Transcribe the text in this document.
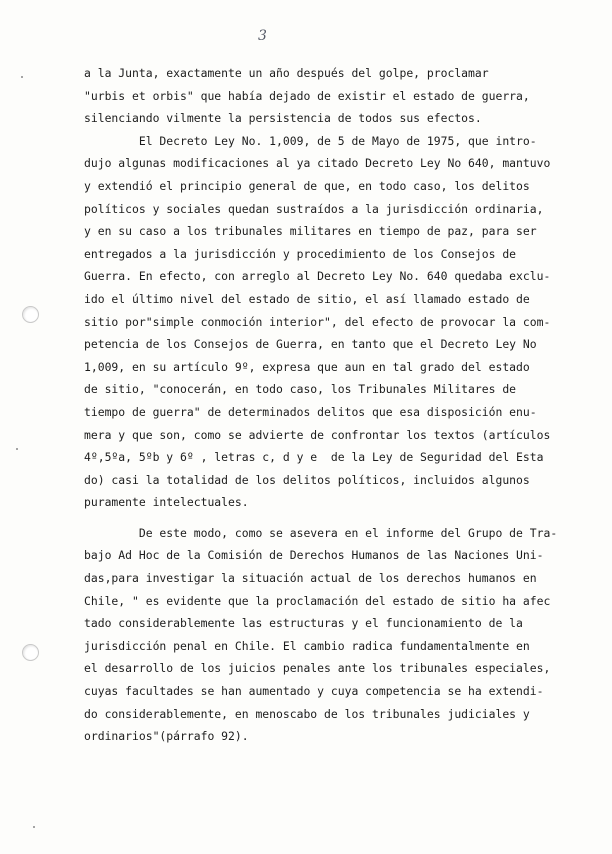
3
a la Junta, exactamente un año después del golpe, proclamar
"urbis et orbis" que había dejado de existir el estado de guerra,
silenciando vilmente la persistencia de todos sus efectos.
El Decreto Ley No. 1,009, de 5 de Mayo de 1975, que intro-
dujo algunas modificaciones al ya citado Decreto Ley No 640, mantuvo
y extendió el principio general de que, en todo caso, los delitos
políticos y sociales quedan sustraídos a la jurisdicción ordinaria,
y en su caso a los tribunales militares en tiempo de paz, para ser
entregados a la jurisdicción y procedimiento de los Consejos de
Guerra. En efecto, con arreglo al Decreto Ley No. 640 quedaba exclu-
ido el último nivel del estado de sitio, el así llamado estado de
sitio por"simple conmoción interior", del efecto de provocar la com-
petencia de los Consejos de Guerra, en tanto que el Decreto Ley No
1,009, en su artículo 9º, expresa que aun en tal grado del estado
de sitio, "conocerán, en todo caso, los Tribunales Militares de
tiempo de guerra" de determinados delitos que esa disposición enu-
mera y que son, como se advierte de confrontar los textos (artículos
4º,5ºa, 5ºb y 6º , letras c, d y e  de la Ley de Seguridad del Esta
do) casi la totalidad de los delitos políticos, incluidos algunos
puramente intelectuales.
De este modo, como se asevera en el informe del Grupo de Tra-
bajo Ad Hoc de la Comisión de Derechos Humanos de las Naciones Uni-
das,para investigar la situación actual de los derechos humanos en
Chile, " es evidente que la proclamación del estado de sitio ha afec
tado considerablemente las estructuras y el funcionamiento de la
jurisdicción penal en Chile. El cambio radica fundamentalmente en
el desarrollo de los juicios penales ante los tribunales especiales,
cuyas facultades se han aumentado y cuya competencia se ha extendi-
do considerablemente, en menoscabo de los tribunales judiciales y
ordinarios"(párrafo 92).
